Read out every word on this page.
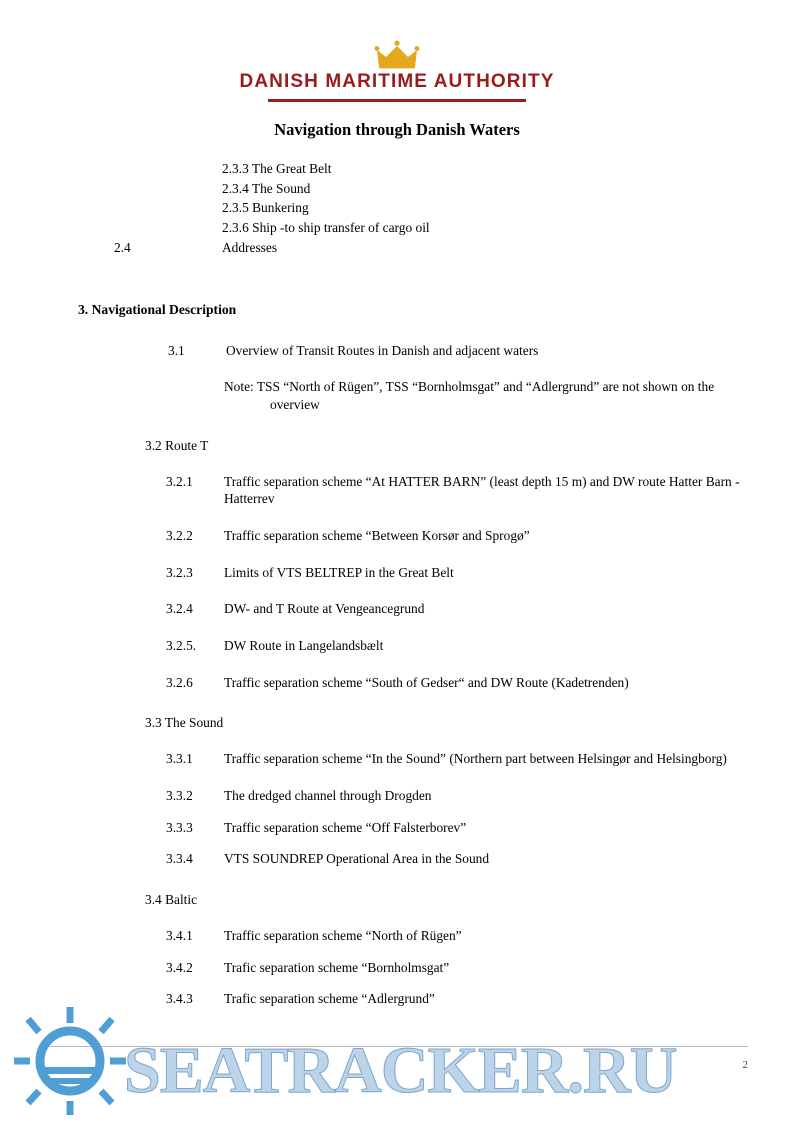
DANISH MARITIME AUTHORITY
Navigation through Danish Waters
2.3.3 The Great Belt
2.3.4 The Sound
2.3.5 Bunkering
2.3.6 Ship -to ship transfer of cargo oil
2.4	Addresses
3. Navigational Description
3.1	Overview of Transit Routes in Danish and adjacent waters
Note: TSS “North of Rügen”, TSS “Bornholmsgat” and “Adlergrund” are not shown on the overview
3.2 Route T
3.2.1	Traffic separation scheme “At HATTER BARN” (least depth 15 m) and DW route Hatter Barn - Hatterrev
3.2.2	Traffic separation scheme “Between Korsør and Sprogø”
3.2.3	Limits of VTS BELTREP in the Great Belt
3.2.4	DW- and T Route at Vengeancegrund
3.2.5.	DW Route in Langelandsbælt
3.2.6	Traffic separation scheme “South of Gedser“ and DW Route (Kadetrenden)
3.3 The Sound
3.3.1	Traffic separation scheme “In the Sound” (Northern part between Helsingør and Helsingborg)
3.3.2	The dredged channel through Drogden
3.3.3	Traffic separation scheme “Off Falsterborev”
3.3.4	VTS SOUNDREP Operational Area in the Sound
3.4 Baltic
3.4.1	Traffic separation scheme “North of Rügen”
3.4.2	Trafic separation scheme “Bornholmsgat”
3.4.3	Trafic separation scheme “Adlergrund”
2
SEATRACKER.RU
